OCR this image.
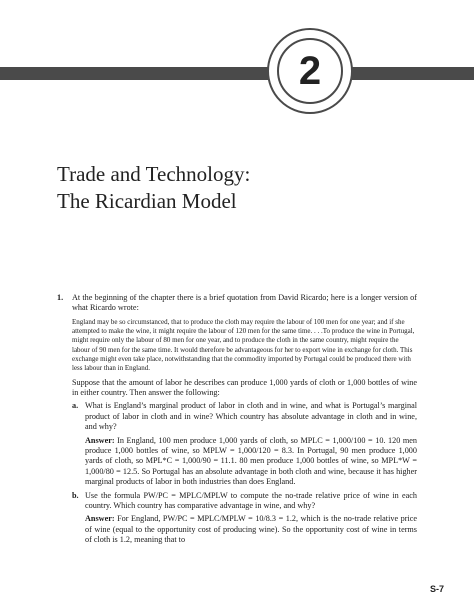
2
Trade and Technology:
The Ricardian Model
1.	At the beginning of the chapter there is a brief quotation from David Ricardo; here is a longer version of what Ricardo wrote:
England may be so circumstanced, that to produce the cloth may require the labour of 100 men for one year; and if she attempted to make the wine, it might require the labour of 120 men for the same time. . . .To produce the wine in Portugal, might require only the labour of 80 men for one year, and to produce the cloth in the same country, might require the labour of 90 men for the same time. It would therefore be advantageous for her to export wine in exchange for cloth. This exchange might even take place, notwithstanding that the commodity imported by Portugal could be produced there with less labour than in England.
Suppose that the amount of labor he describes can produce 1,000 yards of cloth or 1,000 bottles of wine in either country. Then answer the following:
a. What is England’s marginal product of labor in cloth and in wine, and what is Portugal’s marginal product of labor in cloth and in wine? Which country has absolute advantage in cloth and in wine, and why?
Answer: In England, 100 men produce 1,000 yards of cloth, so MPLC = 1,000/100 = 10. 120 men produce 1,000 bottles of wine, so MPLW = 1,000/120 = 8.3. In Portugal, 90 men produce 1,000 yards of cloth, so MPL*C = 1,000/90 = 11.1. 80 men produce 1,000 bottles of wine, so MPL*W = 1,000/80 = 12.5. So Portugal has an absolute advantage in both cloth and wine, because it has higher marginal products of labor in both industries than does England.
b. Use the formula PW/PC = MPLC/MPLW to compute the no-trade relative price of wine in each country. Which country has comparative advantage in wine, and why?
Answer: For England, PW/PC = MPLC/MPLW = 10/8.3 = 1.2, which is the no-trade relative price of wine (equal to the opportunity cost of producing wine). So the opportunity cost of wine in terms of cloth is 1.2, meaning that to
S-7
